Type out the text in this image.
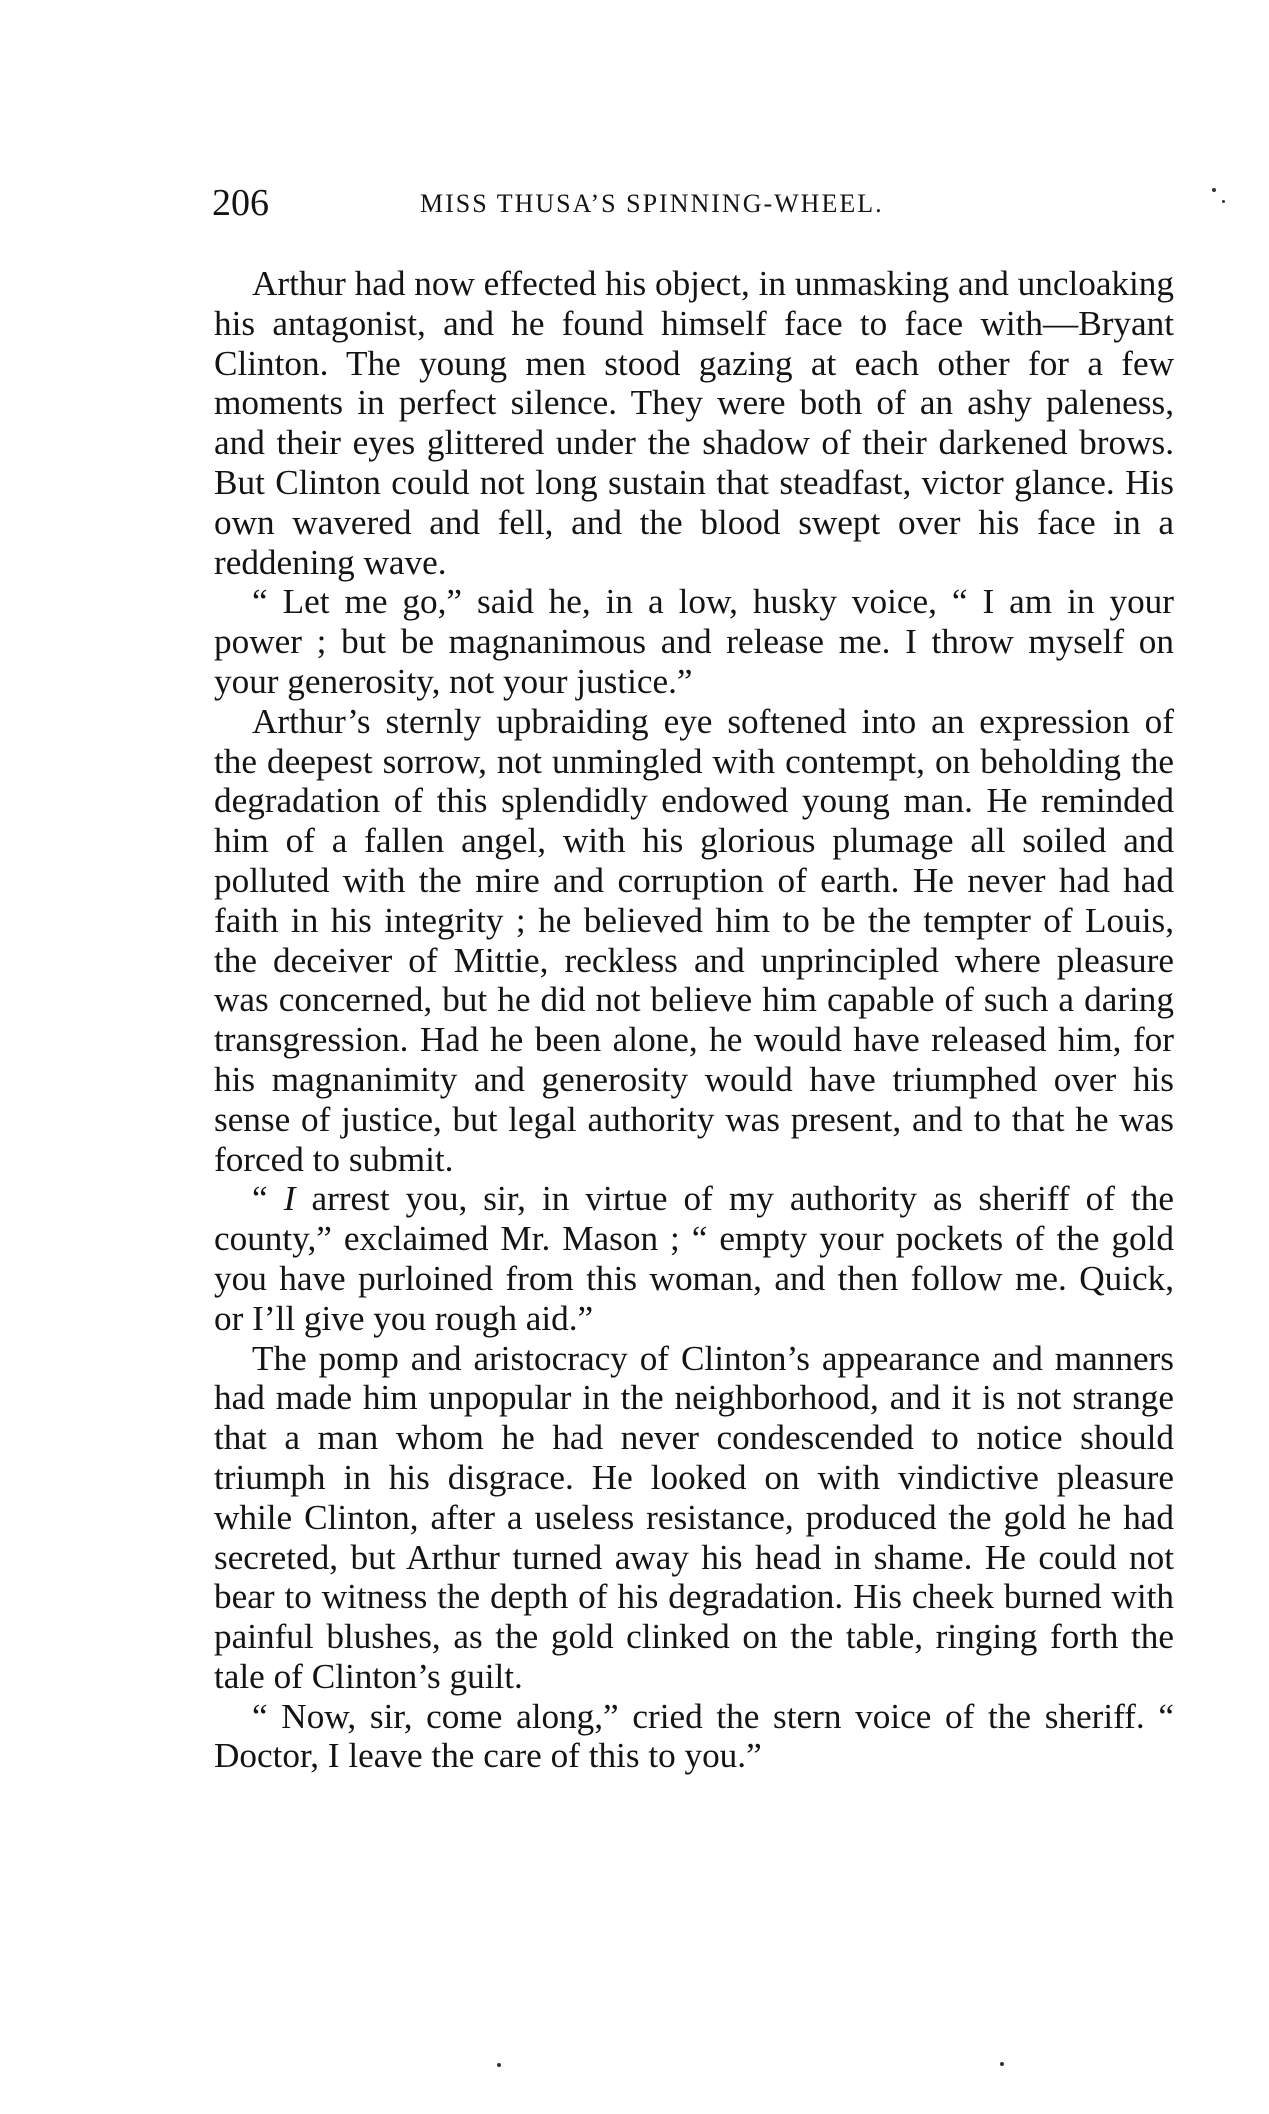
206	MISS THUSA’S SPINNING-WHEEL.

Arthur had now effected his object, in unmasking and uncloaking his antagonist, and he found himself face to face with—Bryant Clinton. The young men stood gazing at each other for a few moments in perfect silence. They were both of an ashy paleness, and their eyes glittered under the shadow of their darkened brows. But Clinton could not long sustain that steadfast, victor glance. His own wavered and fell, and the blood swept over his face in a reddening wave.

“ Let me go,” said he, in a low, husky voice, “ I am in your power ; but be magnanimous and release me. I throw myself on your generosity, not your justice.”

Arthur’s sternly upbraiding eye softened into an expression of the deepest sorrow, not unmingled with contempt, on beholding the degradation of this splendidly endowed young man. He reminded him of a fallen angel, with his glorious plumage all soiled and polluted with the mire and corruption of earth. He never had had faith in his integrity ; he believed him to be the tempter of Louis, the deceiver of Mittie, reckless and unprincipled where pleasure was concerned, but he did not believe him capable of such a daring transgression. Had he been alone, he would have released him, for his magnanimity and generosity would have triumphed over his sense of justice, but legal authority was present, and to that he was forced to submit.

“ I arrest you, sir, in virtue of my authority as sheriff of the county,” exclaimed Mr. Mason ; “ empty your pockets of the gold you have purloined from this woman, and then follow me. Quick, or I’ll give you rough aid.”

The pomp and aristocracy of Clinton’s appearance and manners had made him unpopular in the neighborhood, and it is not strange that a man whom he had never condescended to notice should triumph in his disgrace. He looked on with vindictive pleasure while Clinton, after a useless resistance, produced the gold he had secreted, but Arthur turned away his head in shame. He could not bear to witness the depth of his degradation. His cheek burned with painful blushes, as the gold clinked on the table, ringing forth the tale of Clinton’s guilt.

“ Now, sir, come along,” cried the stern voice of the sheriff. “ Doctor, I leave the care of this to you.”
